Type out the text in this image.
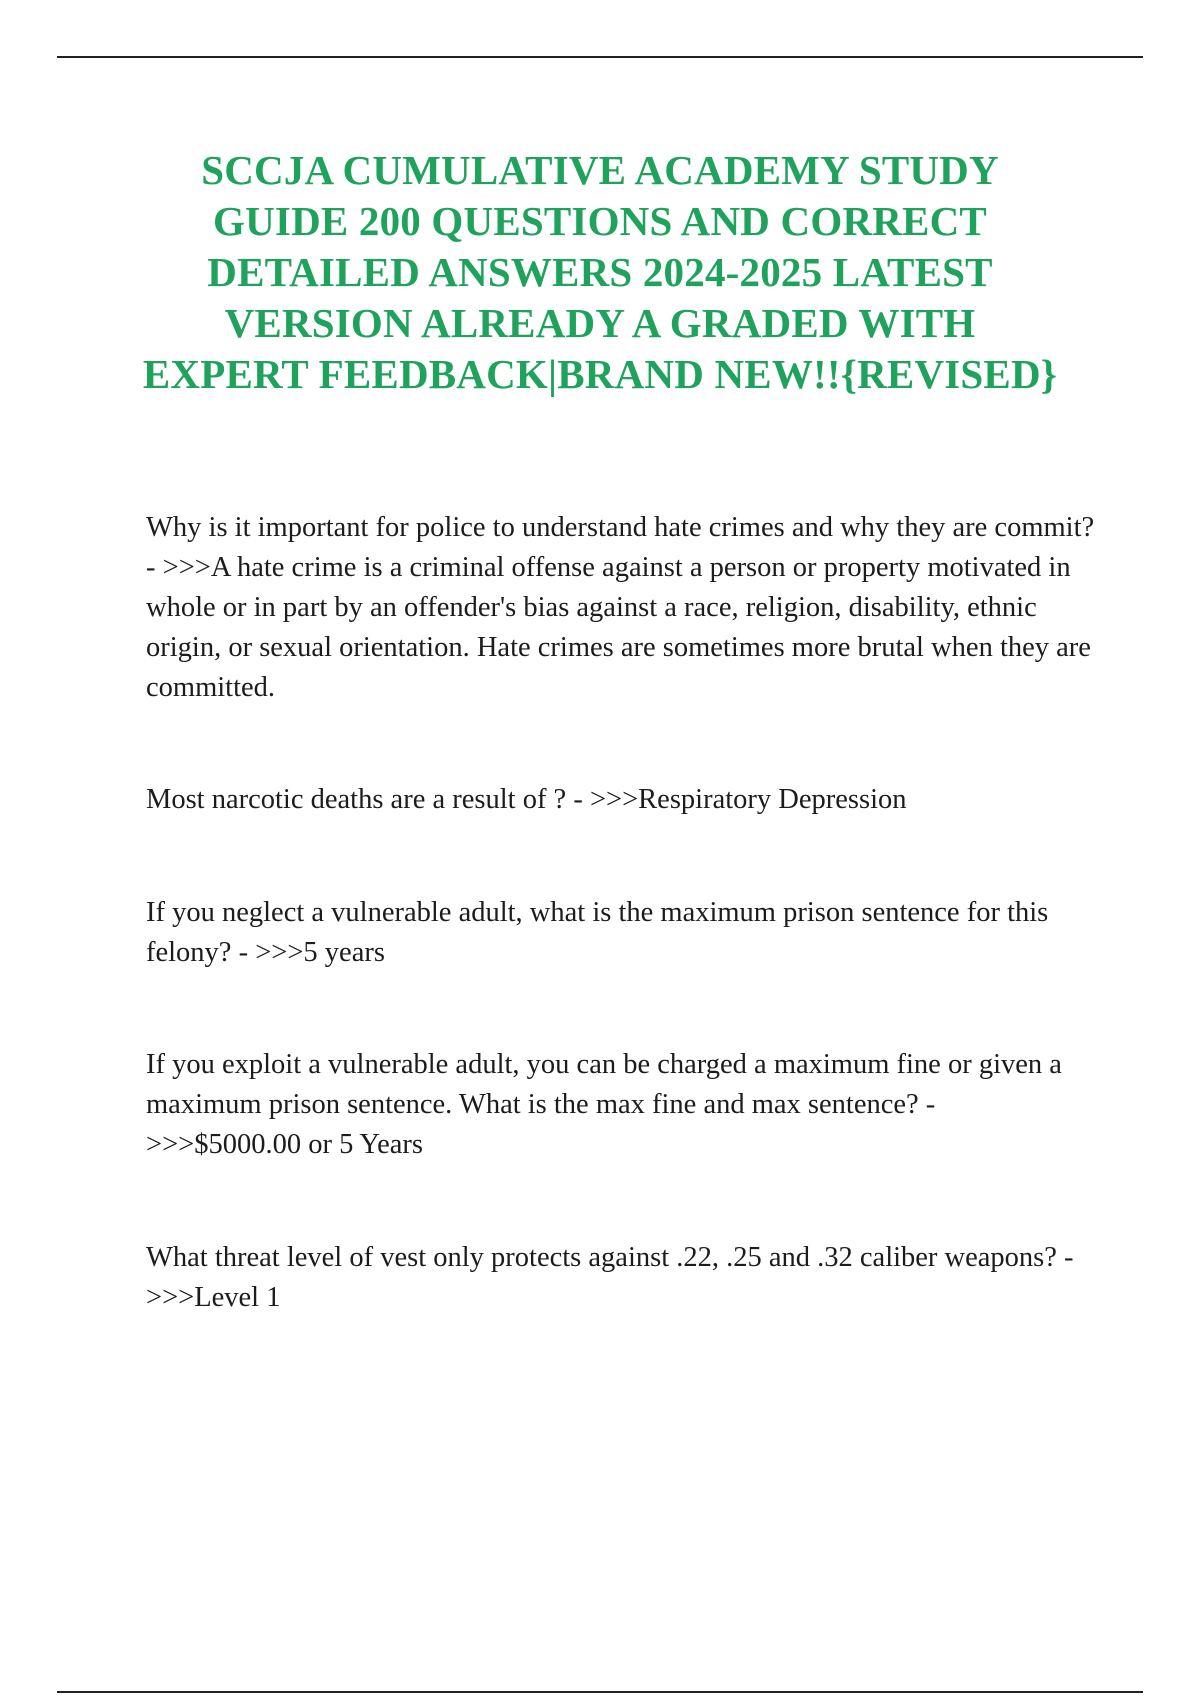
SCCJA CUMULATIVE ACADEMY STUDY GUIDE 200 QUESTIONS AND CORRECT DETAILED ANSWERS 2024-2025 LATEST VERSION ALREADY A GRADED WITH EXPERT FEEDBACK|BRAND NEW!!{REVISED}

Why is it important for police to understand hate crimes and why they are commit? - >>>A hate crime is a criminal offense against a person or property motivated in whole or in part by an offender's bias against a race, religion, disability, ethnic origin, or sexual orientation. Hate crimes are sometimes more brutal when they are committed.

Most narcotic deaths are a result of ? - >>>Respiratory Depression

If you neglect a vulnerable adult, what is the maximum prison sentence for this felony? - >>>5 years

If you exploit a vulnerable adult, you can be charged a maximum fine or given a maximum prison sentence. What is the max fine and max sentence? - >>>$5000.00 or 5 Years

What threat level of vest only protects against .22, .25 and .32 caliber weapons? - >>>Level 1
